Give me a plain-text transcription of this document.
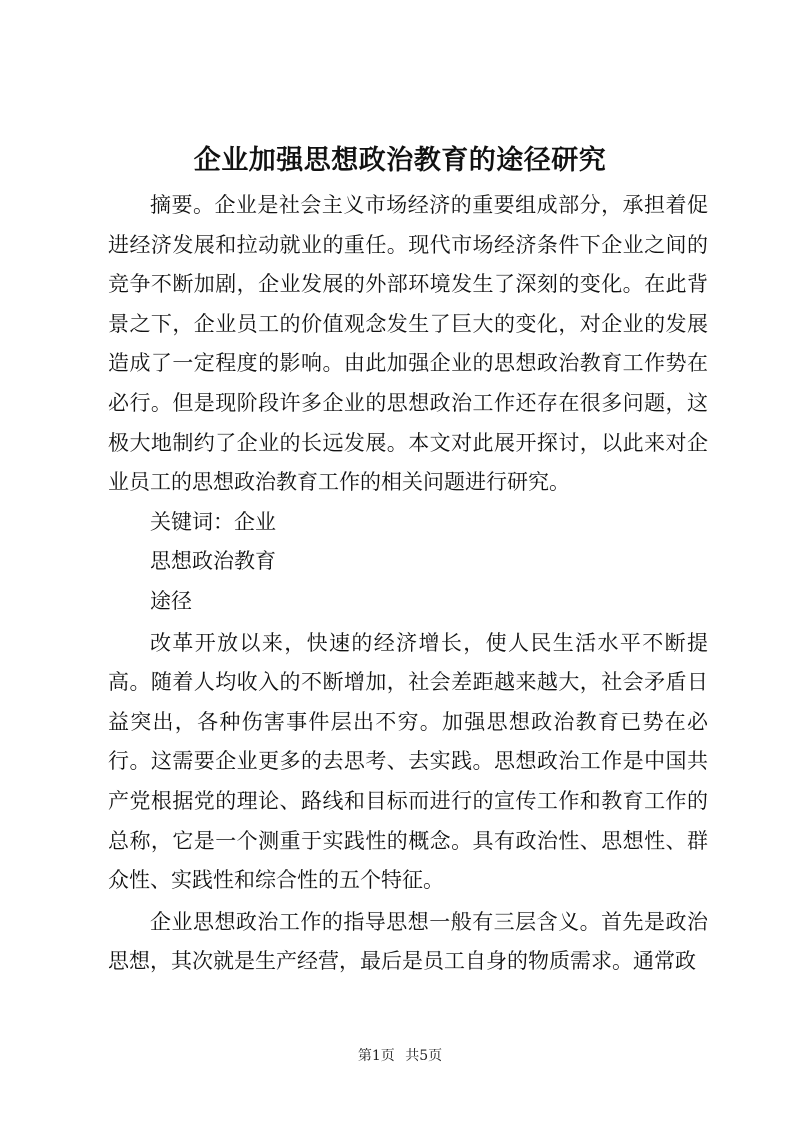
企业加强思想政治教育的途径研究

摘要。企业是社会主义市场经济的重要组成部分，承担着促进经济发展和拉动就业的重任。现代市场经济条件下企业之间的竞争不断加剧，企业发展的外部环境发生了深刻的变化。在此背景之下，企业员工的价值观念发生了巨大的变化，对企业的发展造成了一定程度的影响。由此加强企业的思想政治教育工作势在必行。但是现阶段许多企业的思想政治工作还存在很多问题，这极大地制约了企业的长远发展。本文对此展开探讨，以此来对企业员工的思想政治教育工作的相关问题进行研究。

关键词：企业

思想政治教育

途径

改革开放以来，快速的经济增长，使人民生活水平不断提高。随着人均收入的不断增加，社会差距越来越大，社会矛盾日益突出，各种伤害事件层出不穷。加强思想政治教育已势在必行。这需要企业更多的去思考、去实践。思想政治工作是中国共产党根据党的理论、路线和目标而进行的宣传工作和教育工作的总称，它是一个测重于实践性的概念。具有政治性、思想性、群众性、实践性和综合性的五个特征。

企业思想政治工作的指导思想一般有三层含义。首先是政治思想，其次就是生产经营，最后是员工自身的物质需求。通常政

第1页 共5页
